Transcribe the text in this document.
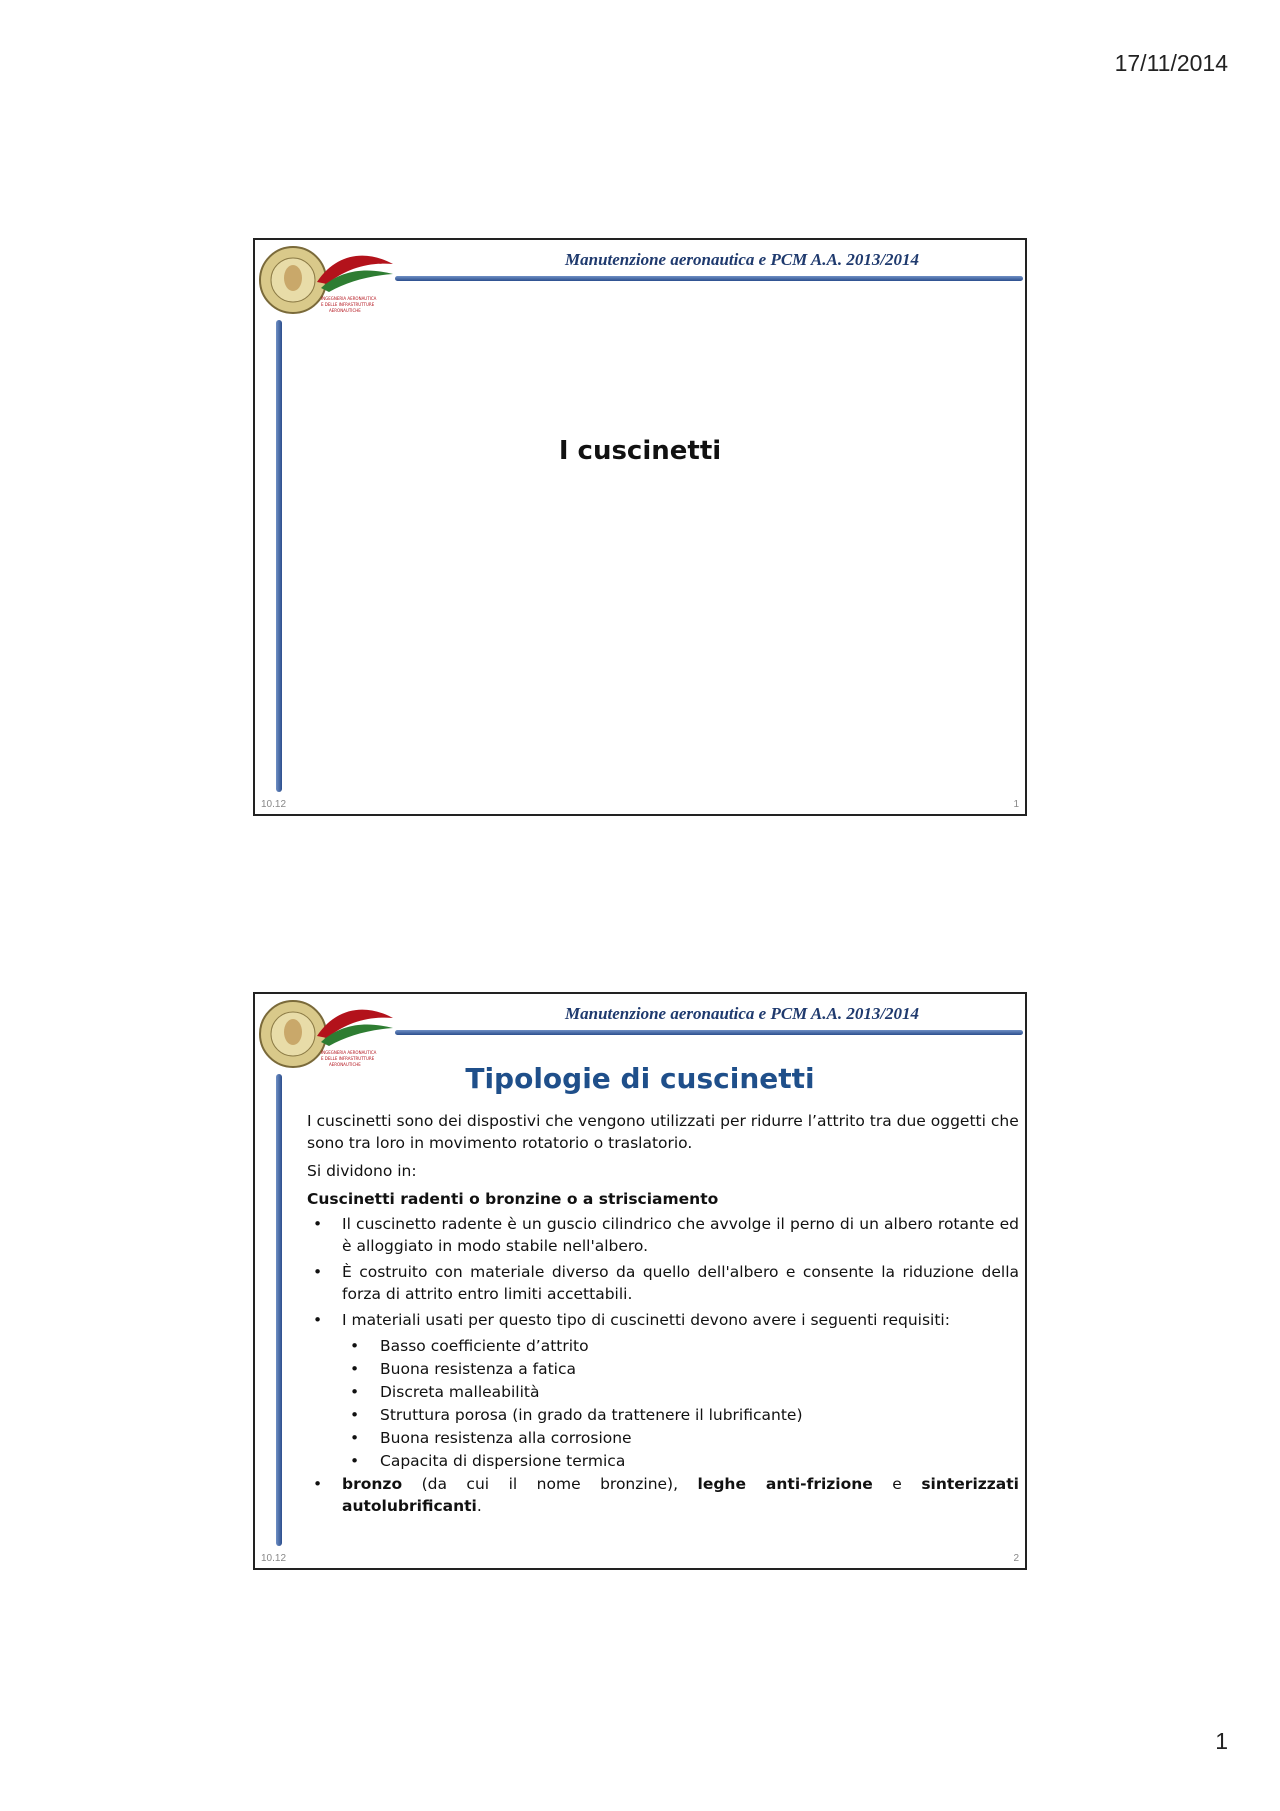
17/11/2014
INGEGNERIA AERONAUTICA
E DELLE INFRASTRUTTURE
AERONAUTICHE
Manutenzione aeronautica e PCM A.A. 2013/2014
I cuscinetti
10.12	1
INGEGNERIA AERONAUTICA
E DELLE INFRASTRUTTURE
AERONAUTICHE
Manutenzione aeronautica e PCM A.A. 2013/2014
Tipologie di cuscinetti

I cuscinetti sono dei dispostivi che vengono utilizzati per ridurre l’attrito tra due oggetti che sono tra loro in movimento rotatorio o traslatorio.

Si dividono in:

Cuscinetti radenti o bronzine o a strisciamento

• Il cuscinetto radente è un guscio cilindrico che avvolge il perno di un albero rotante ed è alloggiato in modo stabile nell'albero.
• È costruito con materiale diverso da quello dell'albero e consente la riduzione della forza di attrito entro limiti accettabili.
• I materiali usati per questo tipo di cuscinetti devono avere i seguenti requisiti:
• Basso coefficiente d’attrito
• Buona resistenza a fatica
• Discreta malleabilità
• Struttura porosa (in grado da trattenere il lubrificante)
• Buona resistenza alla corrosione
• Capacita di dispersione termica
• bronzo (da cui il nome bronzine), leghe anti-frizione e sinterizzati autolubrificanti.
10.12	2
1
